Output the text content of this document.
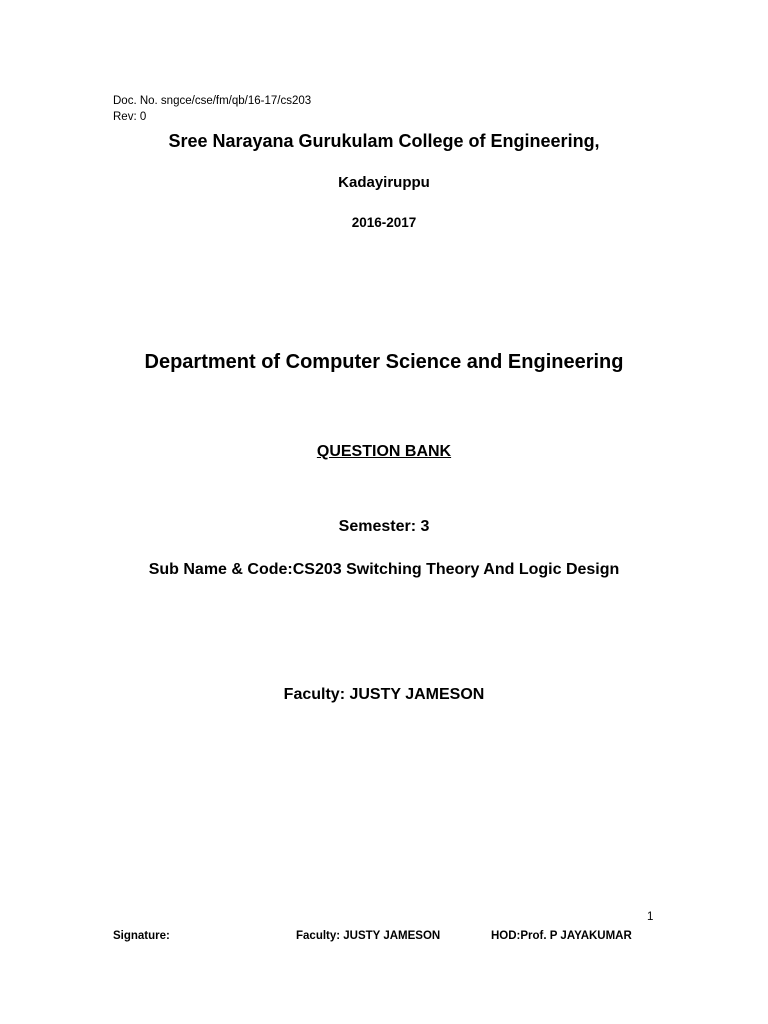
Doc. No. sngce/cse/fm/qb/16-17/cs203
Rev: 0
Sree Narayana Gurukulam College of Engineering,
Kadayiruppu
2016-2017
Department of Computer Science and Engineering
QUESTION BANK
Semester: 3
Sub Name & Code:CS203 Switching Theory And Logic Design
Faculty: JUSTY JAMESON
1
Signature:	Faculty: JUSTY JAMESON	HOD:Prof. P JAYAKUMAR
